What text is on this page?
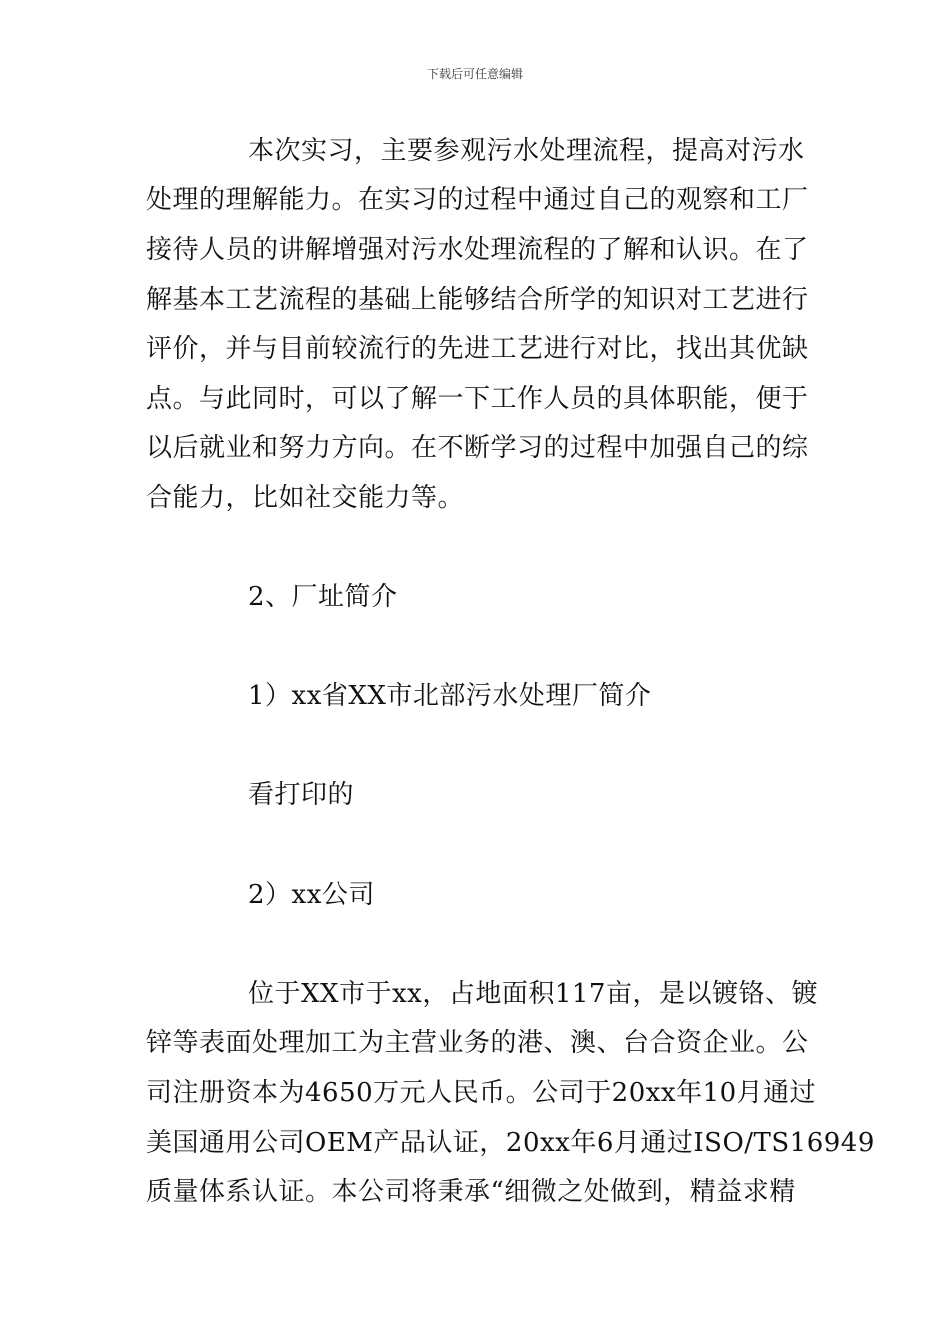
下载后可任意编辑
本次实习，主要参观污水处理流程，提高对污水
处理的理解能力。在实习的过程中通过自己的观察和工厂
接待人员的讲解增强对污水处理流程的了解和认识。在了
解基本工艺流程的基础上能够结合所学的知识对工艺进行
评价，并与目前较流行的先进工艺进行对比，找出其优缺
点。与此同时，可以了解一下工作人员的具体职能，便于
以后就业和努力方向。在不断学习的过程中加强自己的综
合能力，比如社交能力等。
2、厂址简介
1）xx省XX市北部污水处理厂简介
看打印的
2）xx公司
位于XX市于xx，占地面积117亩，是以镀铬、镀
锌等表面处理加工为主营业务的港、澳、台合资企业。公
司注册资本为4650万元人民币。公司于20xx年10月通过
美国通用公司OEM产品认证，20xx年6月通过ISO/TS16949
质量体系认证。本公司将秉承“细微之处做到，精益求精
